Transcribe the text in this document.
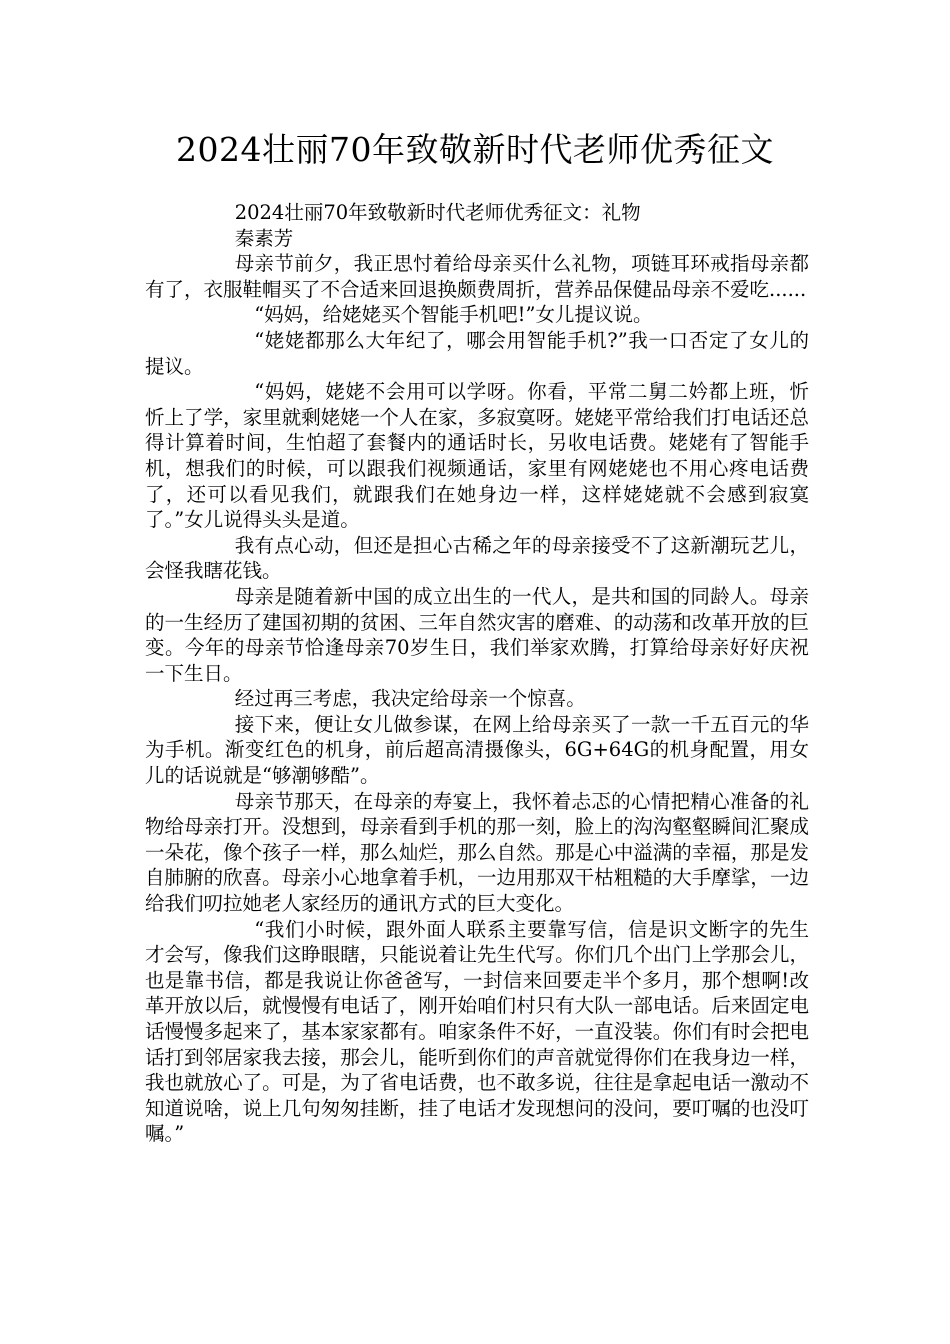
2024壮丽70年致敬新时代老师优秀征文

2024壮丽70年致敬新时代老师优秀征文：礼物

秦素芳

母亲节前夕，我正思忖着给母亲买什么礼物，项链耳环戒指母亲都有了，衣服鞋帽买了不合适来回退换颇费周折，营养品保健品母亲不爱吃......

“妈妈，给姥姥买个智能手机吧!”女儿提议说。

“姥姥都那么大年纪了，哪会用智能手机?”我一口否定了女儿的提议。

“妈妈，姥姥不会用可以学呀。你看，平常二舅二妗都上班，忻忻上了学，家里就剩姥姥一个人在家，多寂寞呀。姥姥平常给我们打电话还总得计算着时间，生怕超了套餐内的通话时长，另收电话费。姥姥有了智能手机，想我们的时候，可以跟我们视频通话，家里有网姥姥也不用心疼电话费了，还可以看见我们，就跟我们在她身边一样，这样姥姥就不会感到寂寞了。”女儿说得头头是道。

我有点心动，但还是担心古稀之年的母亲接受不了这新潮玩艺儿，会怪我瞎花钱。

母亲是随着新中国的成立出生的一代人，是共和国的同龄人。母亲的一生经历了建国初期的贫困、三年自然灾害的磨难、的动荡和改革开放的巨变。今年的母亲节恰逢母亲70岁生日，我们举家欢腾，打算给母亲好好庆祝一下生日。

经过再三考虑，我决定给母亲一个惊喜。

接下来，便让女儿做参谋，在网上给母亲买了一款一千五百元的华为手机。渐变红色的机身，前后超高清摄像头，6G+64G的机身配置，用女儿的话说就是“够潮够酷”。

母亲节那天，在母亲的寿宴上，我怀着忐忑的心情把精心准备的礼物给母亲打开。没想到，母亲看到手机的那一刻，脸上的沟沟壑壑瞬间汇聚成一朵花，像个孩子一样，那么灿烂，那么自然。那是心中溢满的幸福，那是发自肺腑的欣喜。母亲小心地拿着手机，一边用那双干枯粗糙的大手摩挲，一边给我们叨拉她老人家经历的通讯方式的巨大变化。

“我们小时候，跟外面人联系主要靠写信，信是识文断字的先生才会写，像我们这睁眼瞎，只能说着让先生代写。你们几个出门上学那会儿，也是靠书信，都是我说让你爸爸写，一封信来回要走半个多月，那个想啊!改革开放以后，就慢慢有电话了，刚开始咱们村只有大队一部电话。后来固定电话慢慢多起来了，基本家家都有。咱家条件不好，一直没装。你们有时会把电话打到邻居家我去接，那会儿，能听到你们的声音就觉得你们在我身边一样，我也就放心了。可是，为了省电话费，也不敢多说，往往是拿起电话一激动不知道说啥，说上几句匆匆挂断，挂了电话才发现想问的没问，要叮嘱的也没叮嘱。”
